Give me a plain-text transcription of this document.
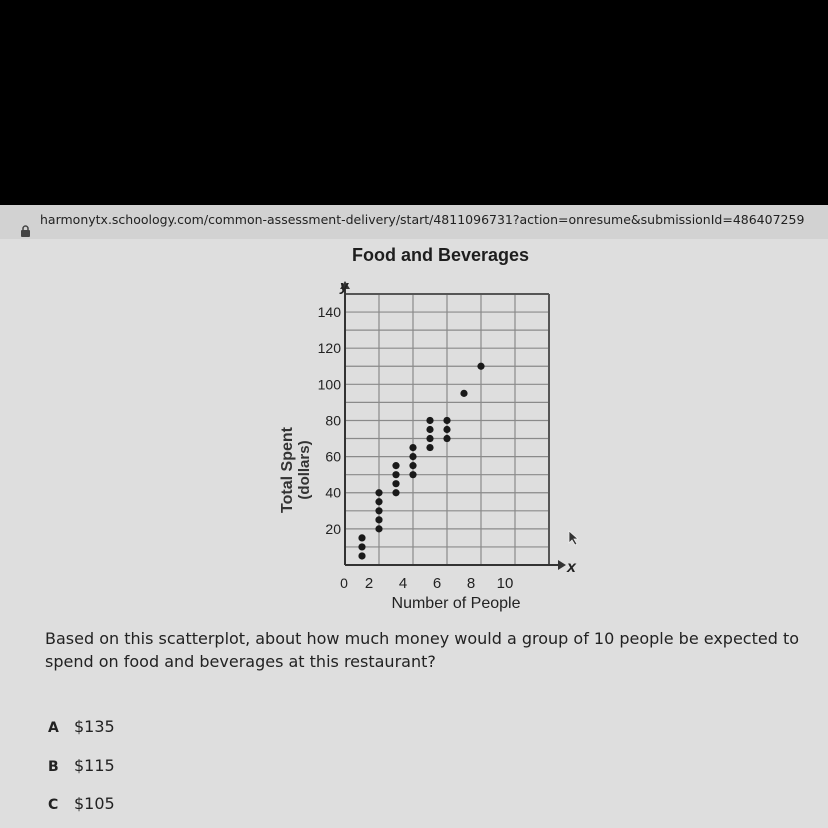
harmonytx.schoology.com/common-assessment-delivery/start/4811096731?action=onresume&submissionId=486407259
Food and Beverages
2 4 6 8 10
20
40
60
80
100
120
140
Total Spent (dollars)
Number of People
x
y
0
Based on this scatterplot, about how much money would a group of 10 people be expected to spend on food and beverages at this restaurant?
A $135
B $115
C $105
